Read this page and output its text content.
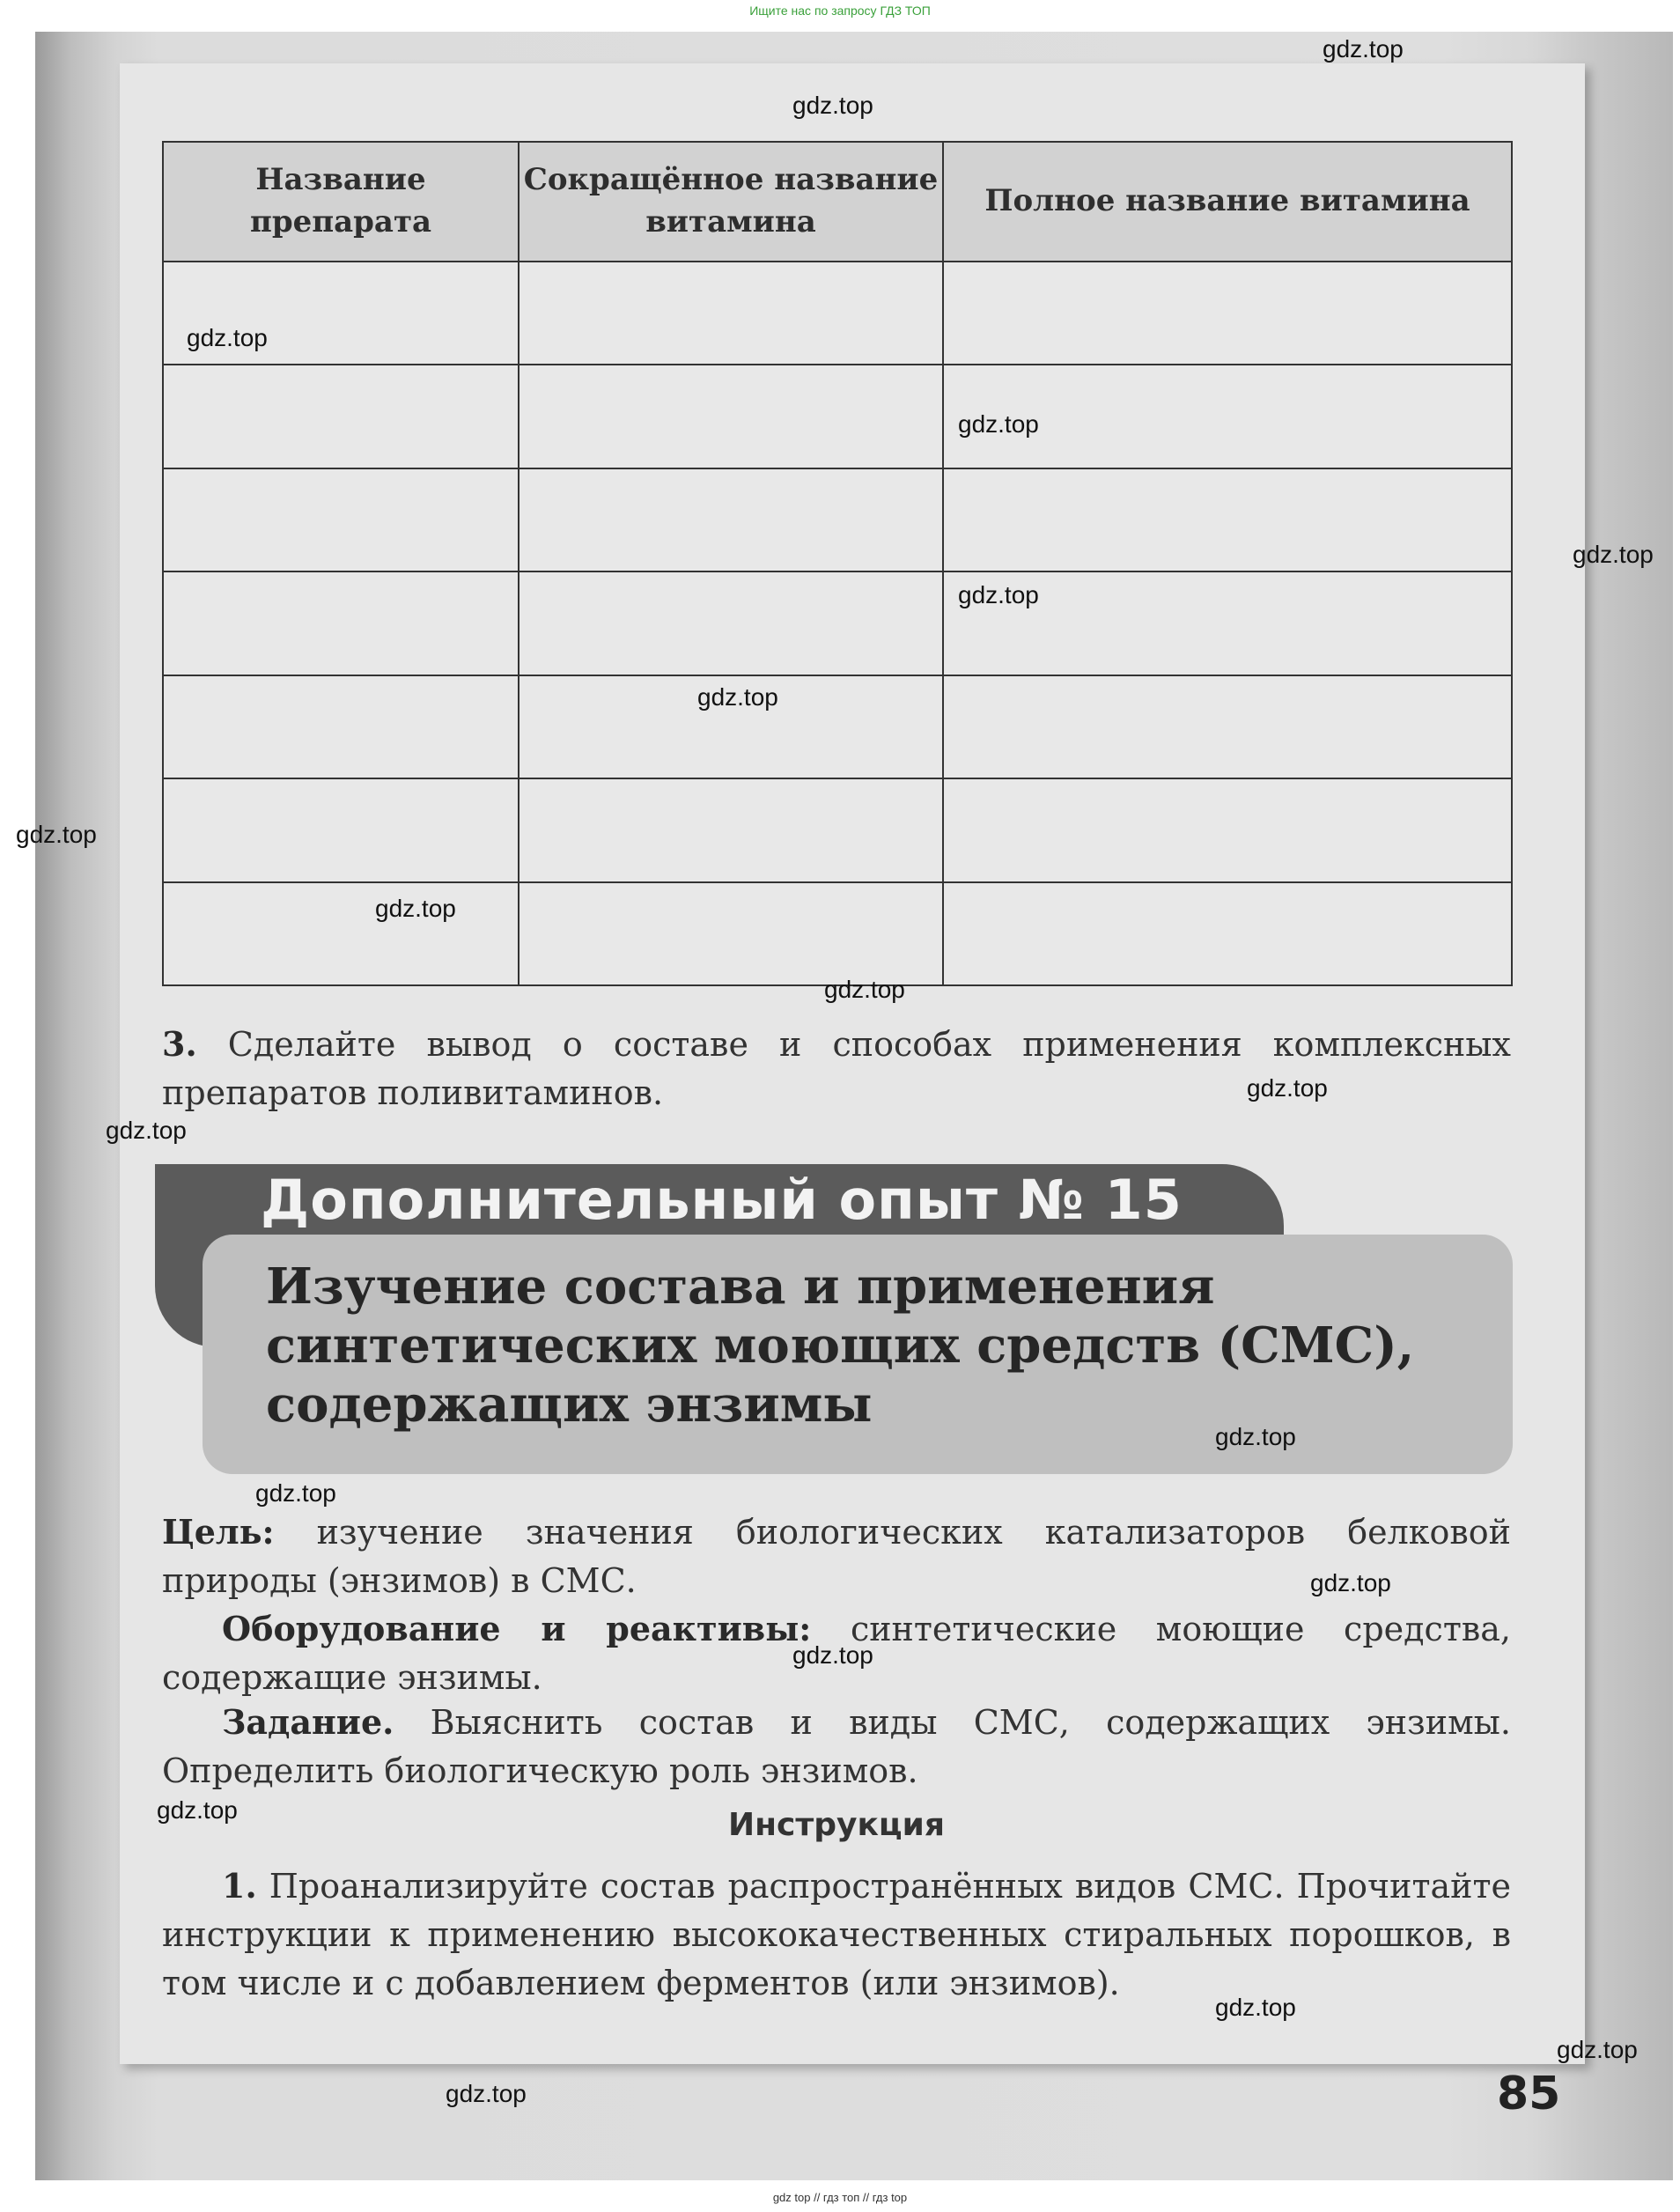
Ищите нас по запросу ГДЗ ТОП
Название препарата	Сокращённое название витамина	Полное название витамина

3. Сделайте вывод о составе и способах применения комплексных препаратов поливитаминов.
Дополнительный опыт № 15
Изучение состава и применения
синтетических моющих средств (СМС),
содержащих энзимы
Цель: изучение значения биологических катализаторов белковой природы (энзимов) в СМС.
Оборудование и реактивы: синтетические моющие средства, содержащие энзимы.
Задание. Выяснить состав и виды СМС, содержащих энзимы. Определить биологическую роль энзимов.
Инструкция
1. Проанализируйте состав распространённых видов СМС. Прочитайте инструкции к применению высококачественных стиральных порошков, в том числе и с добавлением ферментов (или энзимов).
85
gdz.top
gdz.top
gdz.top
gdz.top
gdz.top
gdz.top
gdz.top
gdz.top
gdz.top
gdz.top
gdz.top
gdz.top
gdz.top
gdz.top
gdz.top
gdz.top
gdz.top
gdz.top
gdz.top
gdz.top
gdz top // гдз топ // гдз top
